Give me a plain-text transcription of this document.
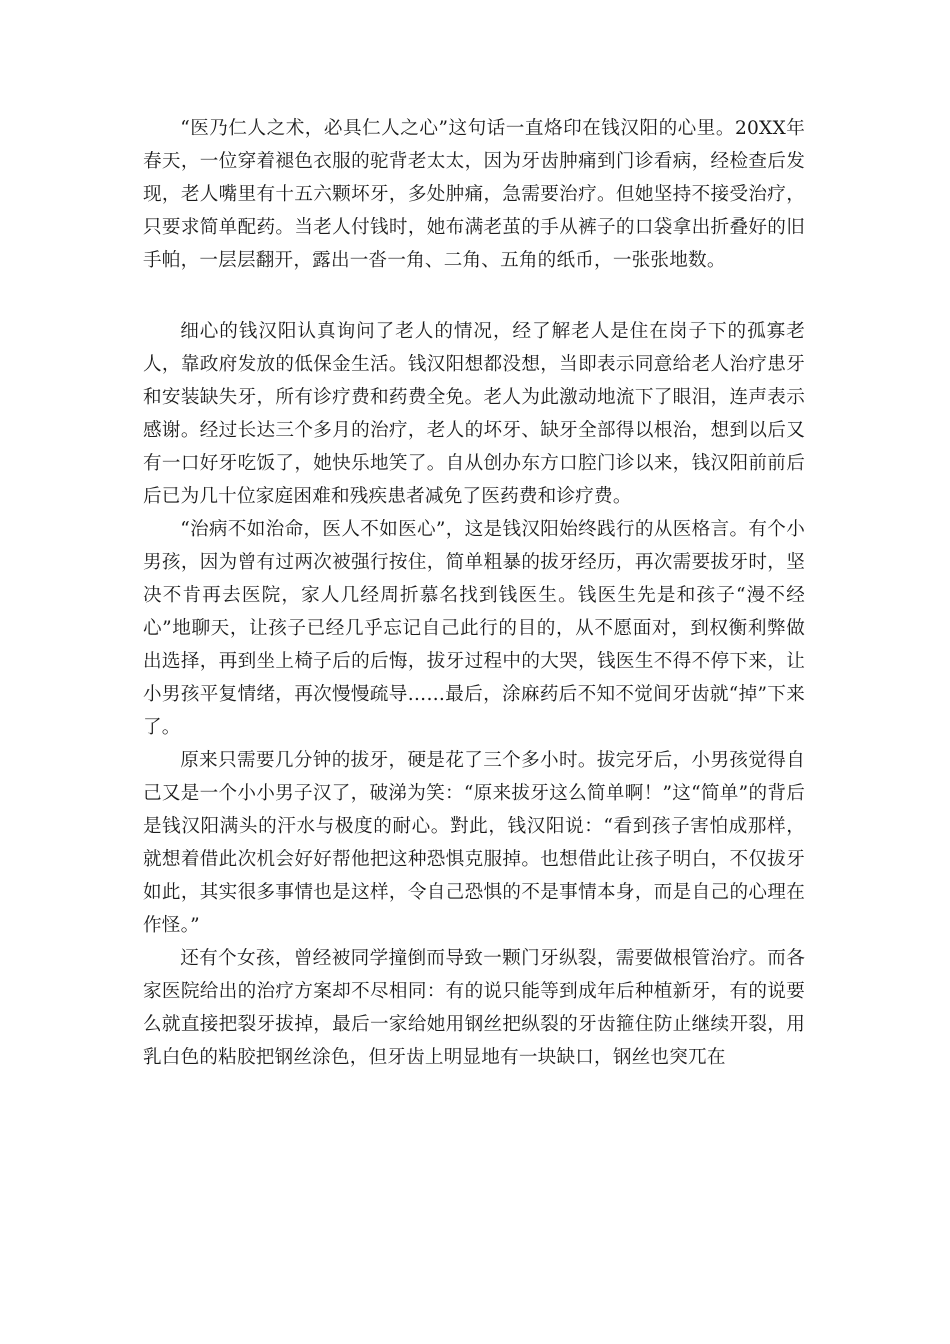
“医乃仁人之术，必具仁人之心”这句话一直烙印在钱汉阳的心里。20XX年春天，一位穿着褪色衣服的驼背老太太，因为牙齿肿痛到门诊看病，经检查后发现，老人嘴里有十五六颗坏牙，多处肿痛，急需要治疗。但她坚持不接受治疗，只要求简单配药。当老人付钱时，她布满老茧的手从裤子的口袋拿出折叠好的旧手帕，一层层翻开，露出一沓一角、二角、五角的纸币，一张张地数。

细心的钱汉阳认真询问了老人的情况，经了解老人是住在岗子下的孤寡老人，靠政府发放的低保金生活。钱汉阳想都没想，当即表示同意给老人治疗患牙和安装缺失牙，所有诊疗费和药费全免。老人为此激动地流下了眼泪，连声表示感谢。经过长达三个多月的治疗，老人的坏牙、缺牙全部得以根治，想到以后又有一口好牙吃饭了，她快乐地笑了。自从创办东方口腔门诊以来，钱汉阳前前后后已为几十位家庭困难和残疾患者减免了医药费和诊疗费。

“治病不如治命，医人不如医心”，这是钱汉阳始终践行的从医格言。有个小男孩，因为曾有过两次被强行按住，简单粗暴的拔牙经历，再次需要拔牙时，坚决不肯再去医院，家人几经周折慕名找到钱医生。钱医生先是和孩子“漫不经心”地聊天，让孩子已经几乎忘记自己此行的目的，从不愿面对，到权衡利弊做出选择，再到坐上椅子后的后悔，拔牙过程中的大哭，钱医生不得不停下来，让小男孩平复情绪，再次慢慢疏导……最后，涂麻药后不知不觉间牙齿就“掉”下来了。

原来只需要几分钟的拔牙，硬是花了三个多小时。拔完牙后，小男孩觉得自己又是一个小小男子汉了，破涕为笑：“原来拔牙这么简单啊！”这“简单”的背后是钱汉阳满头的汗水与极度的耐心。對此，钱汉阳说：“看到孩子害怕成那样，就想着借此次机会好好帮他把这种恐惧克服掉。也想借此让孩子明白，不仅拔牙如此，其实很多事情也是这样，令自己恐惧的不是事情本身，而是自己的心理在作怪。”

还有个女孩，曾经被同学撞倒而导致一颗门牙纵裂，需要做根管治疗。而各家医院给出的治疗方案却不尽相同：有的说只能等到成年后种植新牙，有的说要么就直接把裂牙拔掉，最后一家给她用钢丝把纵裂的牙齿箍住防止继续开裂，用乳白色的粘胶把钢丝涂色，但牙齿上明显地有一块缺口，钢丝也突兀在
